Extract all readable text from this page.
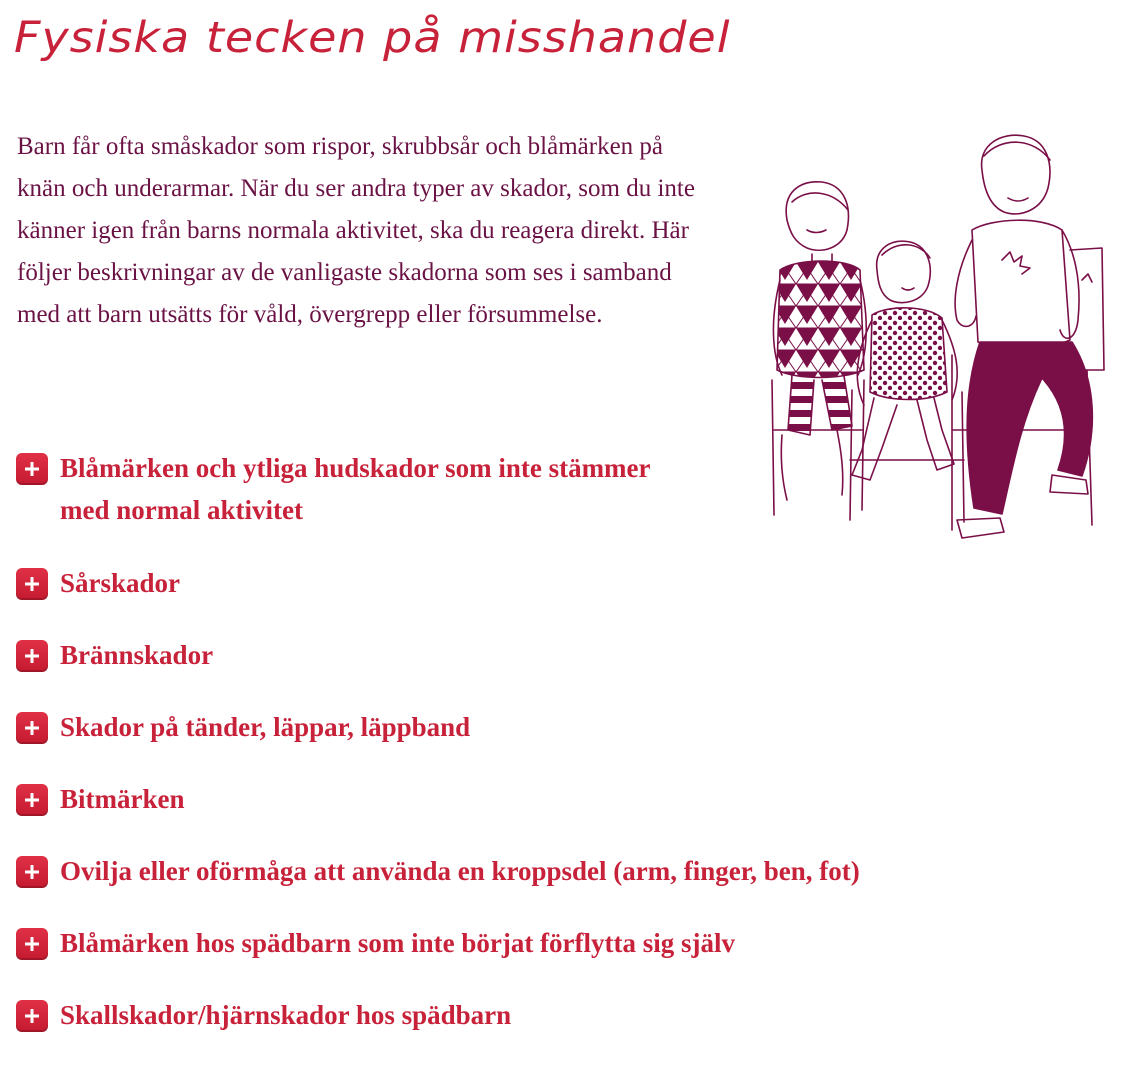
Fysiska tecken på misshandel

Barn får ofta småskador som rispor, skrubbsår och blåmärken på knän och underarmar. När du ser andra typer av skador, som du inte känner igen från barns normala aktivitet, ska du reagera direkt. Här följer beskrivningar av de vanligaste skadorna som ses i samband med att barn utsätts för våld, övergrepp eller försummelse.

Blåmärken och ytliga hudskador som inte stämmer med normal aktivitet
Sårskador
Brännskador
Skador på tänder, läppar, läppband
Bitmärken
Ovilja eller oförmåga att använda en kroppsdel (arm, finger, ben, fot)
Blåmärken hos spädbarn som inte börjat förflytta sig själv
Skallskador/hjärnskador hos spädbarn
